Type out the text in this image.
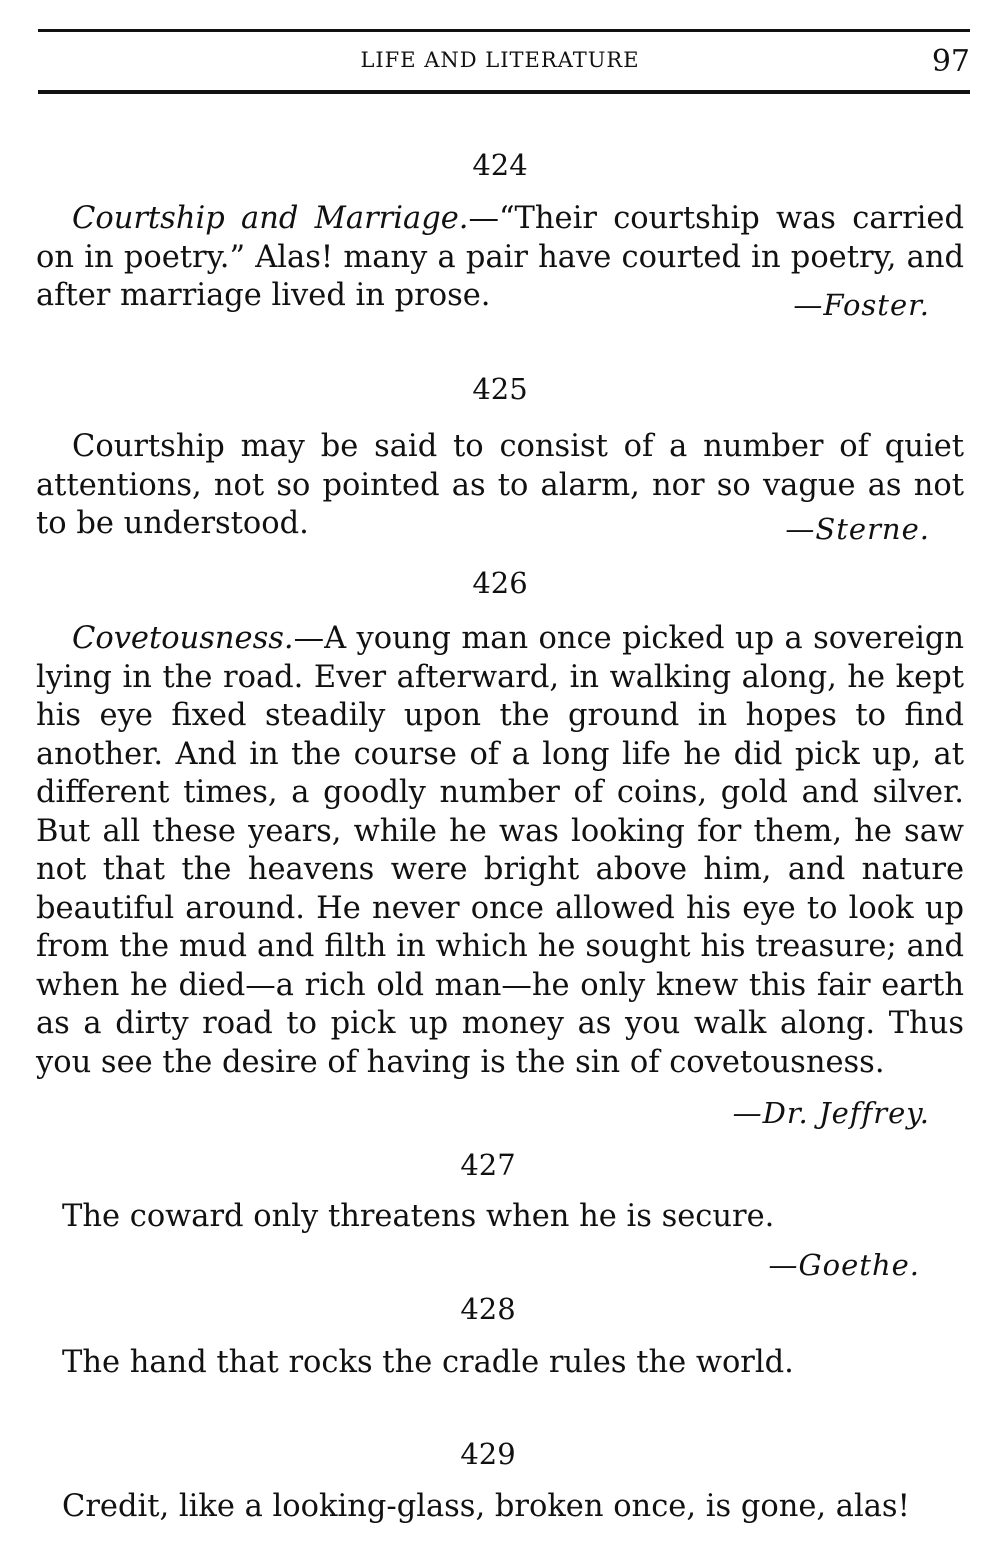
LIFE AND LITERATURE	97
424
Courtship and Marriage.—“Their courtship was carried on in poetry.” Alas! many a pair have courted in poetry, and after marriage lived in prose.	—Foster.
425
Courtship may be said to consist of a number of quiet attentions, not so pointed as to alarm, nor so vague as not to be understood.	—Sterne.
426
Covetousness.—A young man once picked up a sovereign lying in the road. Ever afterward, in walking along, he kept his eye fixed steadily upon the ground in hopes to find another. And in the course of a long life he did pick up, at different times, a goodly number of coins, gold and silver. But all these years, while he was looking for them, he saw not that the heavens were bright above him, and nature beautiful around. He never once allowed his eye to look up from the mud and filth in which he sought his treasure; and when he died—a rich old man—he only knew this fair earth as a dirty road to pick up money as you walk along. Thus you see the desire of having is the sin of covetousness.
—Dr. Jeffrey.
427
The coward only threatens when he is secure.
—Goethe.
428
The hand that rocks the cradle rules the world.
429
Credit, like a looking-glass, broken once, is gone, alas!
